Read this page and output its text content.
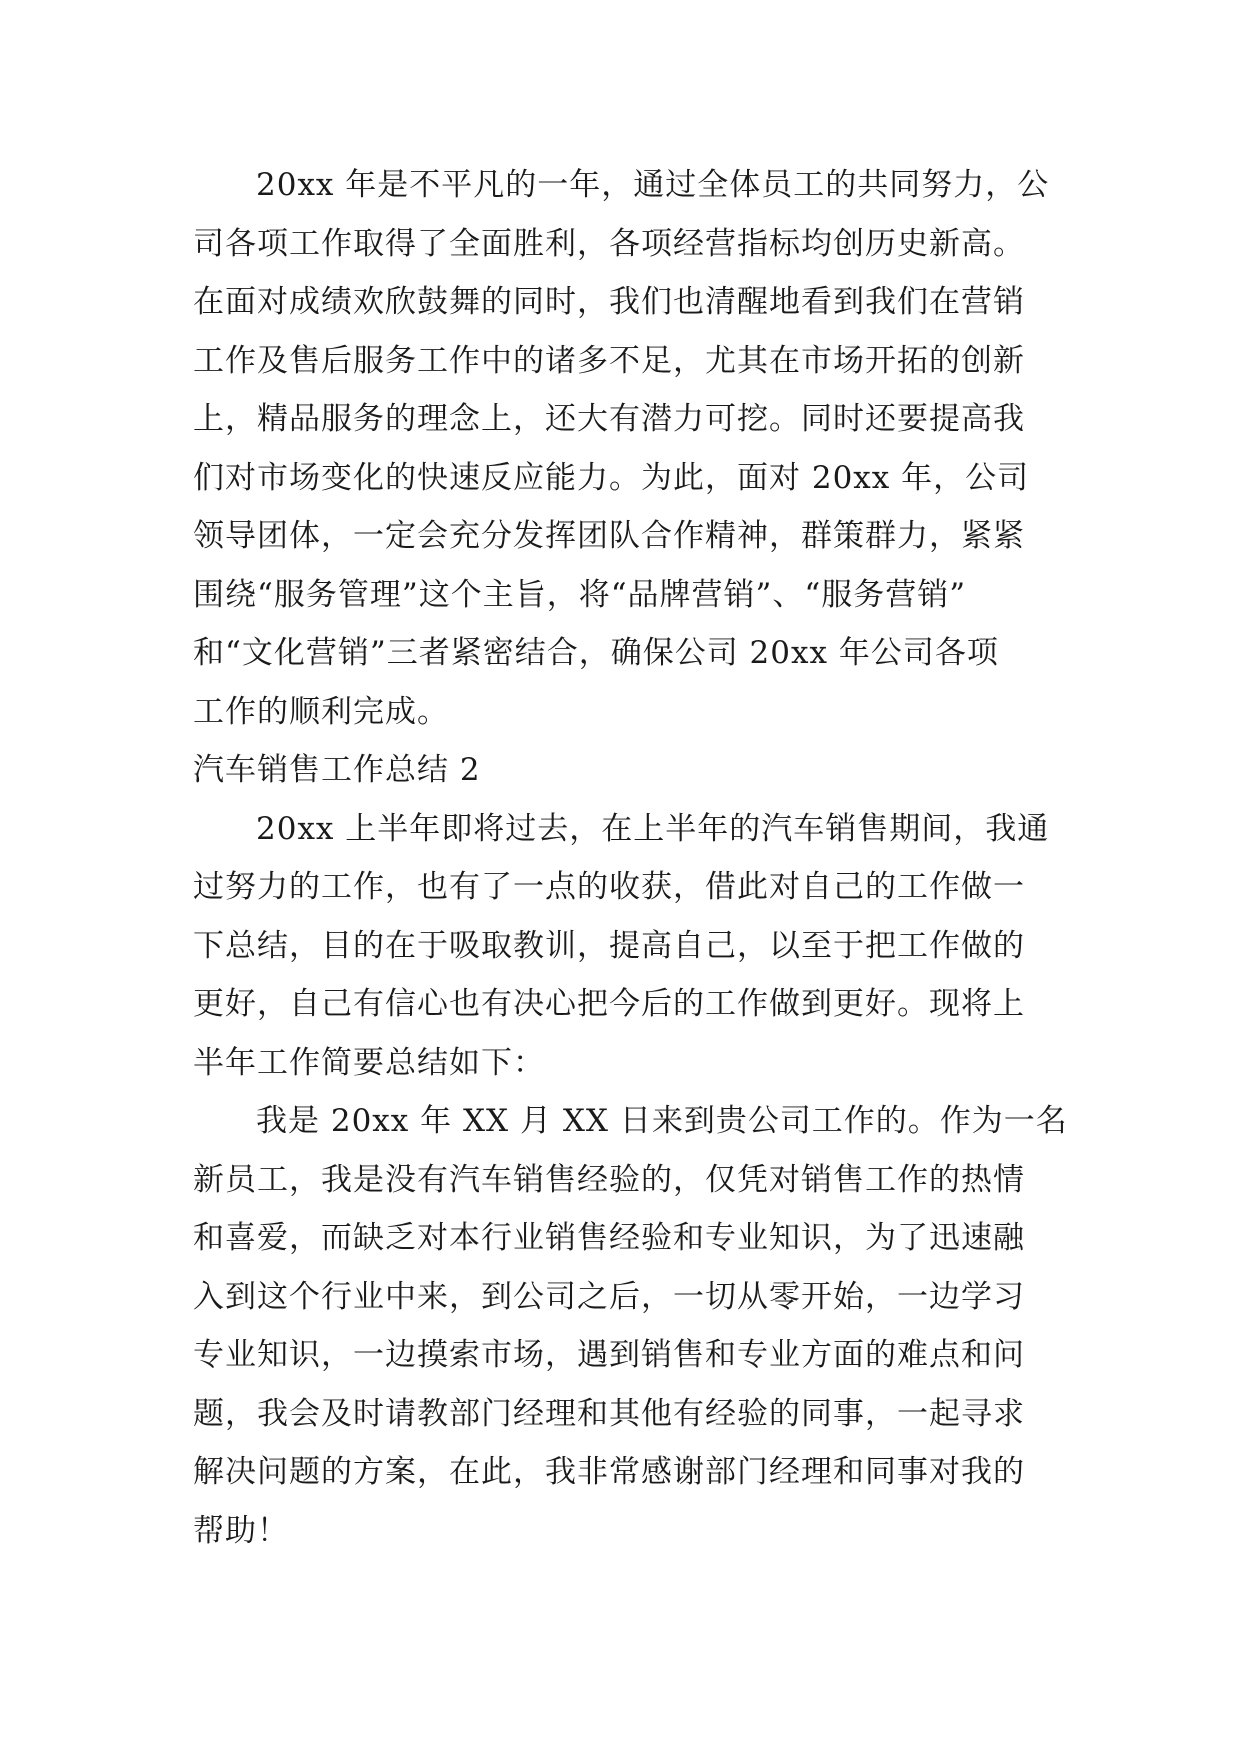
20xx 年是不平凡的一年，通过全体员工的共同努力，公
司各项工作取得了全面胜利，各项经营指标均创历史新高。
在面对成绩欢欣鼓舞的同时，我们也清醒地看到我们在营销
工作及售后服务工作中的诸多不足，尤其在市场开拓的创新
上，精品服务的理念上，还大有潜力可挖。同时还要提高我
们对市场变化的快速反应能力。为此，面对 20xx 年，公司
领导团体，一定会充分发挥团队合作精神，群策群力，紧紧
围绕“服务管理”这个主旨，将“品牌营销”、“服务营销”
和“文化营销”三者紧密结合，确保公司 20xx 年公司各项
工作的顺利完成。
汽车销售工作总结 2
20xx 上半年即将过去，在上半年的汽车销售期间，我通
过努力的工作，也有了一点的收获，借此对自己的工作做一
下总结，目的在于吸取教训，提高自己，以至于把工作做的
更好，自己有信心也有决心把今后的工作做到更好。现将上
半年工作简要总结如下：
我是 20xx 年 XX 月 XX 日来到贵公司工作的。作为一名
新员工，我是没有汽车销售经验的，仅凭对销售工作的热情
和喜爱，而缺乏对本行业销售经验和专业知识，为了迅速融
入到这个行业中来，到公司之后，一切从零开始，一边学习
专业知识，一边摸索市场，遇到销售和专业方面的难点和问
题，我会及时请教部门经理和其他有经验的同事，一起寻求
解决问题的方案，在此，我非常感谢部门经理和同事对我的
帮助！
